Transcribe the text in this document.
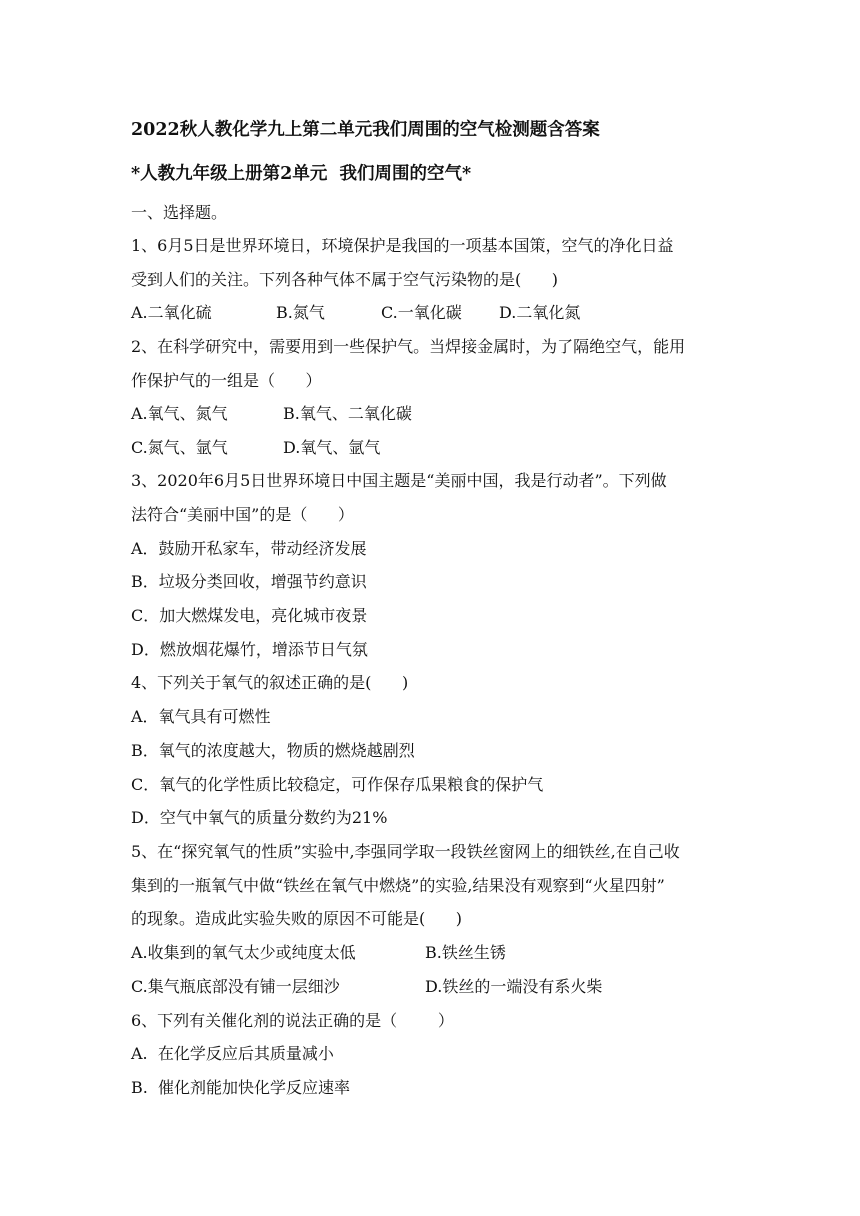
2022秋人教化学九上第二单元我们周围的空气检测题含答案
*人教九年级上册第2单元  我们周围的空气*
一、选择题。
1、6月5日是世界环境日，环境保护是我国的一项基本国策，空气的净化日益
受到人们的关注。下列各种气体不属于空气污染物的是(      )
A.二氧化硫	B.氮气	C.一氧化碳 D.二氧化氮
2、在科学研究中，需要用到一些保护气。当焊接金属时，为了隔绝空气，能用
作保护气的一组是（      ）
A.氧气、氮气	B.氧气、二氧化碳
C.氮气、氩气	D.氧气、氩气
3、2020年6月5日世界环境日中国主题是“美丽中国，我是行动者”。下列做
法符合“美丽中国”的是（      ）
A．鼓励开私家车，带动经济发展
B．垃圾分类回收，增强节约意识
C．加大燃煤发电，亮化城市夜景
D．燃放烟花爆竹，增添节日气氛
4、下列关于氧气的叙述正确的是(      )
A．氧气具有可燃性
B．氧气的浓度越大，物质的燃烧越剧烈
C．氧气的化学性质比较稳定，可作保存瓜果粮食的保护气
D．空气中氧气的质量分数约为21%
5、在“探究氧气的性质”实验中,李强同学取一段铁丝窗网上的细铁丝,在自己收
集到的一瓶氧气中做“铁丝在氧气中燃烧”的实验,结果没有观察到“火星四射”
的现象。造成此实验失败的原因不可能是(      )
A.收集到的氧气太少或纯度太低	B.铁丝生锈
C.集气瓶底部没有铺一层细沙	D.铁丝的一端没有系火柴
6、下列有关催化剂的说法正确的是（        ）
A.  在化学反应后其质量减小
B.  催化剂能加快化学反应速率
